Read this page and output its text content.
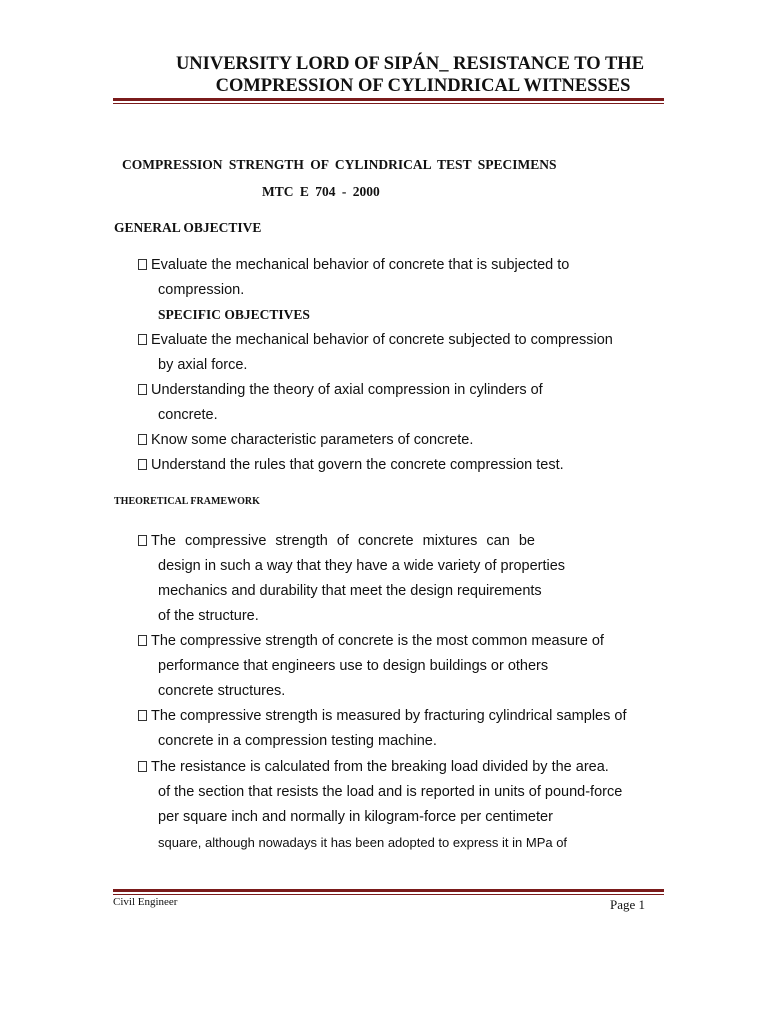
UNIVERSITY LORD OF SIPÁN_ RESISTANCE TO THE
COMPRESSION OF CYLINDRICAL WITNESSES
COMPRESSION STRENGTH OF CYLINDRICAL TEST SPECIMENS
MTC E 704 - 2000
GENERAL OBJECTIVE
Evaluate the mechanical behavior of concrete that is subjected to
compression.
SPECIFIC OBJECTIVES
Evaluate the mechanical behavior of concrete subjected to compression
by axial force.
Understanding the theory of axial compression in cylinders of
concrete.
Know some characteristic parameters of concrete.
Understand the rules that govern the concrete compression test.
THEORETICAL FRAMEWORK
The compressive strength of concrete mixtures can be
design in such a way that they have a wide variety of properties
mechanics and durability that meet the design requirements
of the structure.
The compressive strength of concrete is the most common measure of
performance that engineers use to design buildings or others
concrete structures.
The compressive strength is measured by fracturing cylindrical samples of
concrete in a compression testing machine.
The resistance is calculated from the breaking load divided by the area.
of the section that resists the load and is reported in units of pound-force
per square inch and normally in kilogram-force per centimeter
square, although nowadays it has been adopted to express it in MPa of
Civil Engineer	Page 1
